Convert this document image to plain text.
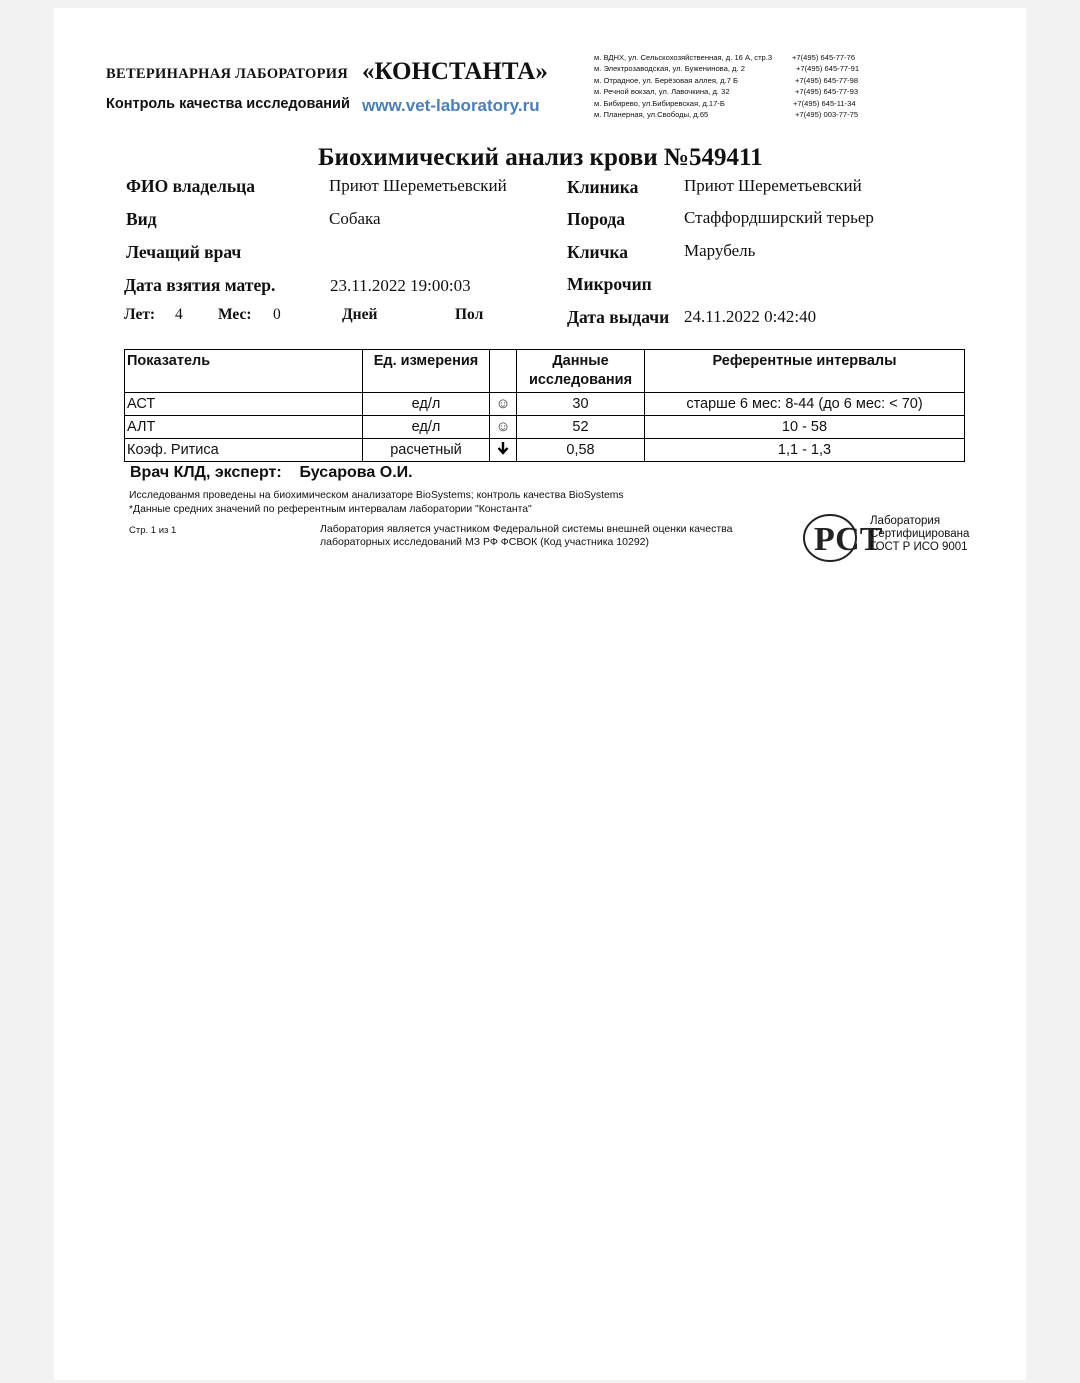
ВЕТЕРИНАРНАЯ ЛАБОРАТОРИЯ «КОНСТАНТА»
Контроль качества исследований www.vet-laboratory.ru
м. ВДНХ, ул. Сельскохозяйственная, д. 16 А, стр.3	+7(495) 645-77-76
м. Электрозаводская, ул. Буженинова, д. 2	+7(495) 645-77-91
м. Отрадное, ул. Берёзовая аллея, д.7 Б	+7(495) 645-77-98
м. Речной вокзал, ул. Лавочкина, д. 32	+7(495) 645-77-93
м. Бибирево, ул.Бибиревская, д.17-Б	+7(495) 645-11-34
м. Планерная, ул.Свободы, д.65	+7(495) 003-77-75
Биохимический анализ крови №549411
ФИО владельца	Приют Шереметьевский
Вид	Собака
Лечащий врач
Дата взятия матер.	23.11.2022 19:00:03
Лет: 4 Мес: 0	Дней	Пол
Клиника	Приют Шереметьевский
Порода	Стаффордширский терьер
Кличка	Марубель
Микрочип
Дата выдачи 24.11.2022 0:42:40
Показатель	Ед. измерения		Данные исследования	Референтные интервалы
АСТ	ед/л	☺	30	старше 6 мес: 8-44 (до 6 мес: < 70)
АЛТ	ед/л	☺	52	10 - 58
Коэф. Ритиса	расчетный		0,58	1,1 - 1,3
Врач КЛД, эксперт: Бусарова О.И.
Исследованмя проведены на биохимическом анализаторе BioSystems; контроль качества BioSystems
*Данные средних значений по референтным интервалам лаборатории "Константа"
Стр. 1 из 1	Лаборатория является участником Федеральной системы внешней оценки качества лабораторных исследований МЗ РФ ФСВОК (Код участника 10292)	РСТ
Лаборатория Сертифицирована ГОСТ Р ИСО 9001
